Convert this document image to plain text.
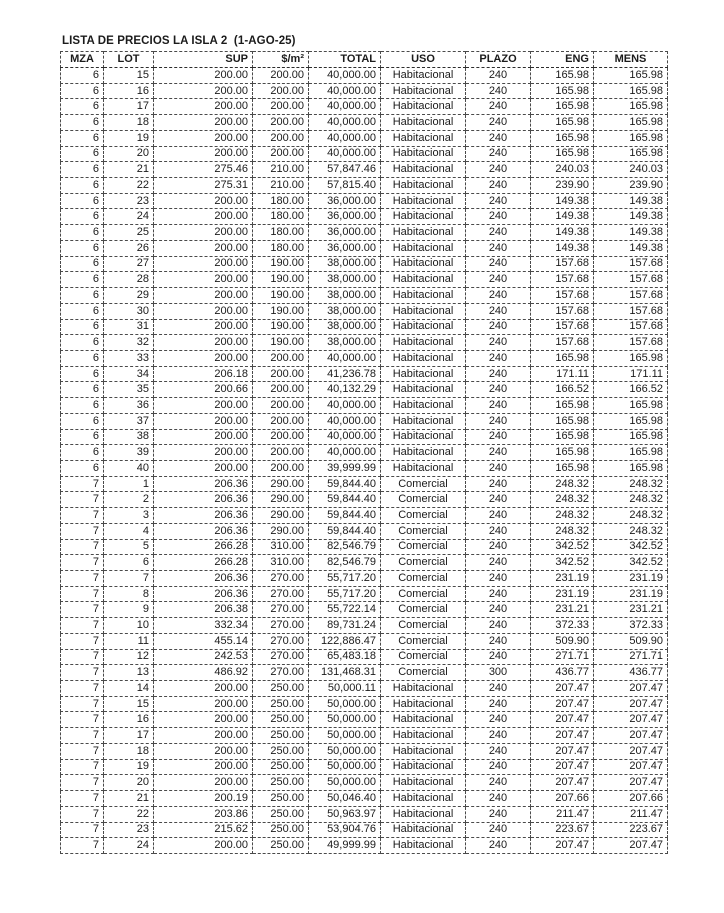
LISTA DE PRECIOS LA ISLA 2  (1-AGO-25)
MZA	LOT	SUP	$/m²	TOTAL	USO	PLAZO	ENG	MENS
6	15	200.00	200.00	40,000.00	Habitacional	240	165.98	165.98
6	16	200.00	200.00	40,000.00	Habitacional	240	165.98	165.98
6	17	200.00	200.00	40,000.00	Habitacional	240	165.98	165.98
6	18	200.00	200.00	40,000.00	Habitacional	240	165.98	165.98
6	19	200.00	200.00	40,000.00	Habitacional	240	165.98	165.98
6	20	200.00	200.00	40,000.00	Habitacional	240	165.98	165.98
6	21	275.46	210.00	57,847.46	Habitacional	240	240.03	240.03
6	22	275.31	210.00	57,815.40	Habitacional	240	239.90	239.90
6	23	200.00	180.00	36,000.00	Habitacional	240	149.38	149.38
6	24	200.00	180.00	36,000.00	Habitacional	240	149.38	149.38
6	25	200.00	180.00	36,000.00	Habitacional	240	149.38	149.38
6	26	200.00	180.00	36,000.00	Habitacional	240	149.38	149.38
6	27	200.00	190.00	38,000.00	Habitacional	240	157.68	157.68
6	28	200.00	190.00	38,000.00	Habitacional	240	157.68	157.68
6	29	200.00	190.00	38,000.00	Habitacional	240	157.68	157.68
6	30	200.00	190.00	38,000.00	Habitacional	240	157.68	157.68
6	31	200.00	190.00	38,000.00	Habitacional	240	157.68	157.68
6	32	200.00	190.00	38,000.00	Habitacional	240	157.68	157.68
6	33	200.00	200.00	40,000.00	Habitacional	240	165.98	165.98
6	34	206.18	200.00	41,236.78	Habitacional	240	171.11	171.11
6	35	200.66	200.00	40,132.29	Habitacional	240	166.52	166.52
6	36	200.00	200.00	40,000.00	Habitacional	240	165.98	165.98
6	37	200.00	200.00	40,000.00	Habitacional	240	165.98	165.98
6	38	200.00	200.00	40,000.00	Habitacional	240	165.98	165.98
6	39	200.00	200.00	40,000.00	Habitacional	240	165.98	165.98
6	40	200.00	200.00	39,999.99	Habitacional	240	165.98	165.98
7	1	206.36	290.00	59,844.40	Comercial	240	248.32	248.32
7	2	206.36	290.00	59,844.40	Comercial	240	248.32	248.32
7	3	206.36	290.00	59,844.40	Comercial	240	248.32	248.32
7	4	206.36	290.00	59,844.40	Comercial	240	248.32	248.32
7	5	266.28	310.00	82,546.79	Comercial	240	342.52	342.52
7	6	266.28	310.00	82,546.79	Comercial	240	342.52	342.52
7	7	206.36	270.00	55,717.20	Comercial	240	231.19	231.19
7	8	206.36	270.00	55,717.20	Comercial	240	231.19	231.19
7	9	206.38	270.00	55,722.14	Comercial	240	231.21	231.21
7	10	332.34	270.00	89,731.24	Comercial	240	372.33	372.33
7	11	455.14	270.00	122,886.47	Comercial	240	509.90	509.90
7	12	242.53	270.00	65,483.18	Comercial	240	271.71	271.71
7	13	486.92	270.00	131,468.31	Comercial	300	436.77	436.77
7	14	200.00	250.00	50,000.11	Habitacional	240	207.47	207.47
7	15	200.00	250.00	50,000.00	Habitacional	240	207.47	207.47
7	16	200.00	250.00	50,000.00	Habitacional	240	207.47	207.47
7	17	200.00	250.00	50,000.00	Habitacional	240	207.47	207.47
7	18	200.00	250.00	50,000.00	Habitacional	240	207.47	207.47
7	19	200.00	250.00	50,000.00	Habitacional	240	207.47	207.47
7	20	200.00	250.00	50,000.00	Habitacional	240	207.47	207.47
7	21	200.19	250.00	50,046.40	Habitacional	240	207.66	207.66
7	22	203.86	250.00	50,963.97	Habitacional	240	211.47	211.47
7	23	215.62	250.00	53,904.76	Habitacional	240	223.67	223.67
7	24	200.00	250.00	49,999.99	Habitacional	240	207.47	207.47
